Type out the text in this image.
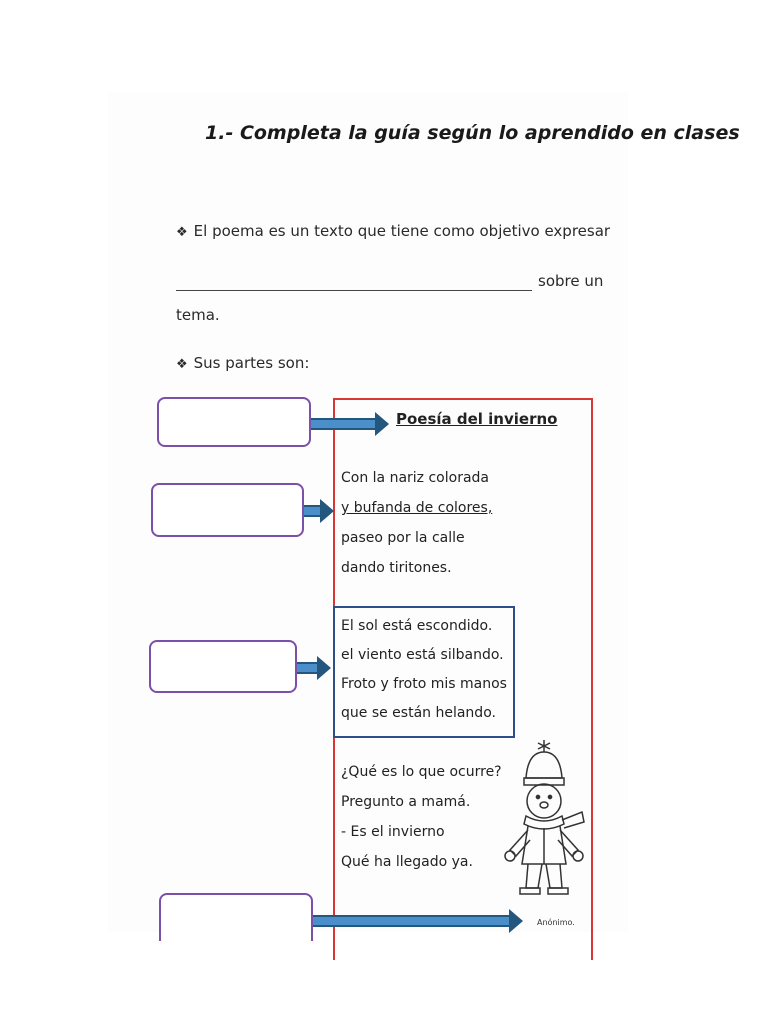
1.- Completa la guía según lo aprendido en clases
❖ El poema es un texto que tiene como objetivo expresar
sobre un
tema.
❖ Sus partes son:
Poesía del invierno
Con la nariz colorada
y bufanda de colores,
paseo por la calle
dando tiritones.
El sol está escondido.
el viento está silbando.
Froto y froto mis manos
que se están helando.
¿Qué es lo que ocurre?
Pregunto a mamá.
- Es el invierno
Qué ha llegado ya.
Anónimo.
